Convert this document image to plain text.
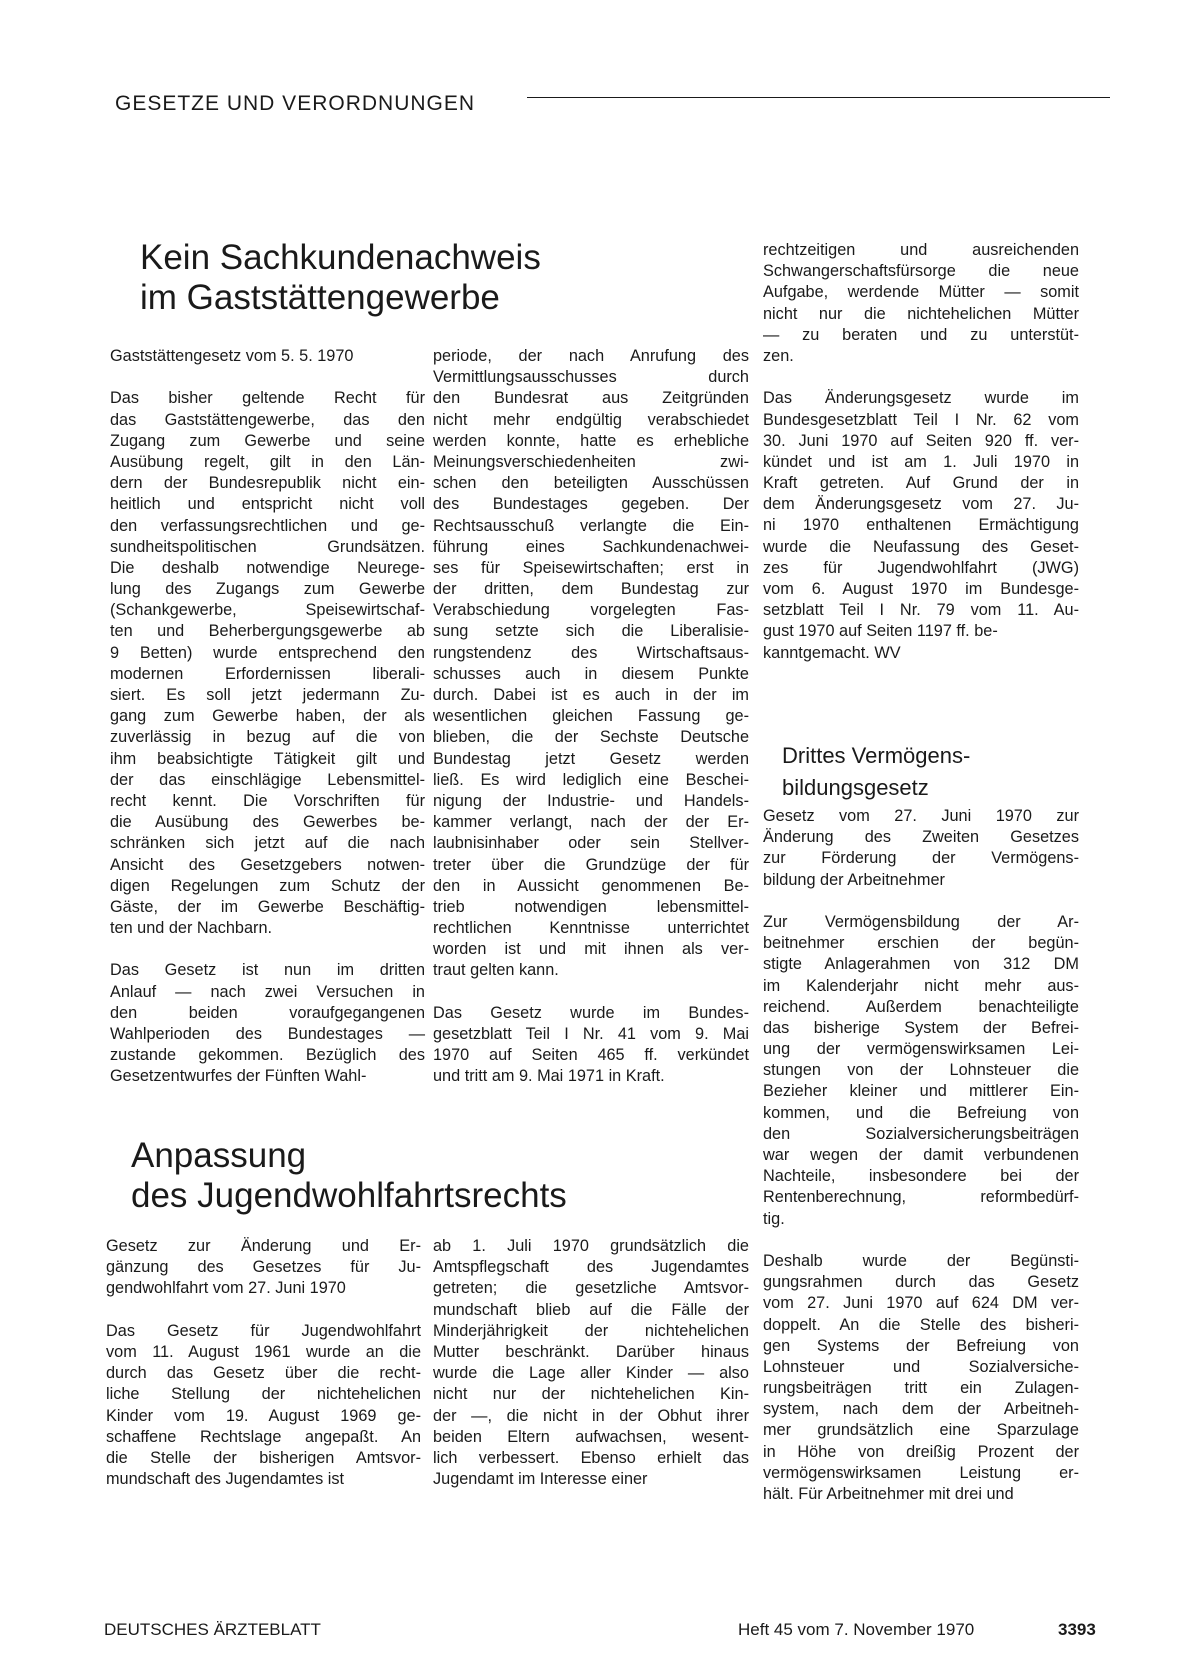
GESETZE UND VERORDNUNGEN
Kein Sachkundenachweis
im Gaststättengewerbe
Gaststättengesetz vom 5. 5. 1970
Das bisher geltende Recht für
das Gaststättengewerbe, das den
Zugang zum Gewerbe und seine
Ausübung regelt, gilt in den Län-
dern der Bundesrepublik nicht ein-
heitlich und entspricht nicht voll
den verfassungsrechtlichen und ge-
sundheitspolitischen Grundsätzen.
Die deshalb notwendige Neurege-
lung des Zugangs zum Gewerbe
(Schankgewerbe, Speisewirtschaf-
ten und Beherbergungsgewerbe ab
9 Betten) wurde entsprechend den
modernen Erfordernissen liberali-
siert. Es soll jetzt jedermann Zu-
gang zum Gewerbe haben, der als
zuverlässig in bezug auf die von
ihm beabsichtigte Tätigkeit gilt und
der das einschlägige Lebensmittel-
recht kennt. Die Vorschriften für
die Ausübung des Gewerbes be-
schränken sich jetzt auf die nach
Ansicht des Gesetzgebers notwen-
digen Regelungen zum Schutz der
Gäste, der im Gewerbe Beschäftig-
ten und der Nachbarn.
Das Gesetz ist nun im dritten
Anlauf — nach zwei Versuchen in
den beiden voraufgegangenen
Wahlperioden des Bundestages —
zustande gekommen. Bezüglich des
Gesetzentwurfes der Fünften Wahl-
periode, der nach Anrufung des
Vermittlungsausschusses durch
den Bundesrat aus Zeitgründen
nicht mehr endgültig verabschiedet
werden konnte, hatte es erhebliche
Meinungsverschiedenheiten zwi-
schen den beteiligten Ausschüssen
des Bundestages gegeben. Der
Rechtsausschuß verlangte die Ein-
führung eines Sachkundenachwei-
ses für Speisewirtschaften; erst in
der dritten, dem Bundestag zur
Verabschiedung vorgelegten Fas-
sung setzte sich die Liberalisie-
rungstendenz des Wirtschaftsaus-
schusses auch in diesem Punkte
durch. Dabei ist es auch in der im
wesentlichen gleichen Fassung ge-
blieben, die der Sechste Deutsche
Bundestag jetzt Gesetz werden
ließ. Es wird lediglich eine Beschei-
nigung der Industrie- und Handels-
kammer verlangt, nach der der Er-
laubnisinhaber oder sein Stellver-
treter über die Grundzüge der für
den in Aussicht genommenen Be-
trieb notwendigen lebensmittel-
rechtlichen Kenntnisse unterrichtet
worden ist und mit ihnen als ver-
traut gelten kann.
Das Gesetz wurde im Bundes-
gesetzblatt Teil I Nr. 41 vom 9. Mai
1970 auf Seiten 465 ff. verkündet
und tritt am 9. Mai 1971 in Kraft.
rechtzeitigen und ausreichenden
Schwangerschaftsfürsorge die neue
Aufgabe, werdende Mütter — somit
nicht nur die nichtehelichen Mütter
— zu beraten und zu unterstüt-
zen.
Das Änderungsgesetz wurde im
Bundesgesetzblatt Teil I Nr. 62 vom
30. Juni 1970 auf Seiten 920 ff. ver-
kündet und ist am 1. Juli 1970 in
Kraft getreten. Auf Grund der in
dem Änderungsgesetz vom 27. Ju-
ni 1970 enthaltenen Ermächtigung
wurde die Neufassung des Geset-
zes für Jugendwohlfahrt (JWG)
vom 6. August 1970 im Bundesge-
setzblatt Teil I Nr. 79 vom 11. Au-
gust 1970 auf Seiten 1197 ff. be-
kanntgemacht. WV
Drittes Vermögens-
bildungsgesetz
Gesetz vom 27. Juni 1970 zur
Änderung des Zweiten Gesetzes
zur Förderung der Vermögens-
bildung der Arbeitnehmer
Zur Vermögensbildung der Ar-
beitnehmer erschien der begün-
stigte Anlagerahmen von 312 DM
im Kalenderjahr nicht mehr aus-
reichend. Außerdem benachteiligte
das bisherige System der Befrei-
ung der vermögenswirksamen Lei-
stungen von der Lohnsteuer die
Bezieher kleiner und mittlerer Ein-
kommen, und die Befreiung von
den Sozialversicherungsbeiträgen
war wegen der damit verbundenen
Nachteile, insbesondere bei der
Rentenberechnung, reformbedürf-
tig.
Deshalb wurde der Begünsti-
gungsrahmen durch das Gesetz
vom 27. Juni 1970 auf 624 DM ver-
doppelt. An die Stelle des bisheri-
gen Systems der Befreiung von
Lohnsteuer und Sozialversiche-
rungsbeiträgen tritt ein Zulagen-
system, nach dem der Arbeitneh-
mer grundsätzlich eine Sparzulage
in Höhe von dreißig Prozent der
vermögenswirksamen Leistung er-
hält. Für Arbeitnehmer mit drei und
Anpassung
des Jugendwohlfahrtsrechts
Gesetz zur Änderung und Er-
gänzung des Gesetzes für Ju-
gendwohlfahrt vom 27. Juni 1970
Das Gesetz für Jugendwohlfahrt
vom 11. August 1961 wurde an die
durch das Gesetz über die recht-
liche Stellung der nichtehelichen
Kinder vom 19. August 1969 ge-
schaffene Rechtslage angepaßt. An
die Stelle der bisherigen Amtsvor-
mundschaft des Jugendamtes ist
ab 1. Juli 1970 grundsätzlich die
Amtspflegschaft des Jugendamtes
getreten; die gesetzliche Amtsvor-
mundschaft blieb auf die Fälle der
Minderjährigkeit der nichtehelichen
Mutter beschränkt. Darüber hinaus
wurde die Lage aller Kinder — also
nicht nur der nichtehelichen Kin-
der —, die nicht in der Obhut ihrer
beiden Eltern aufwachsen, wesent-
lich verbessert. Ebenso erhielt das
Jugendamt im Interesse einer
DEUTSCHES ÄRZTEBLATT	Heft 45 vom 7. November 1970	3393
